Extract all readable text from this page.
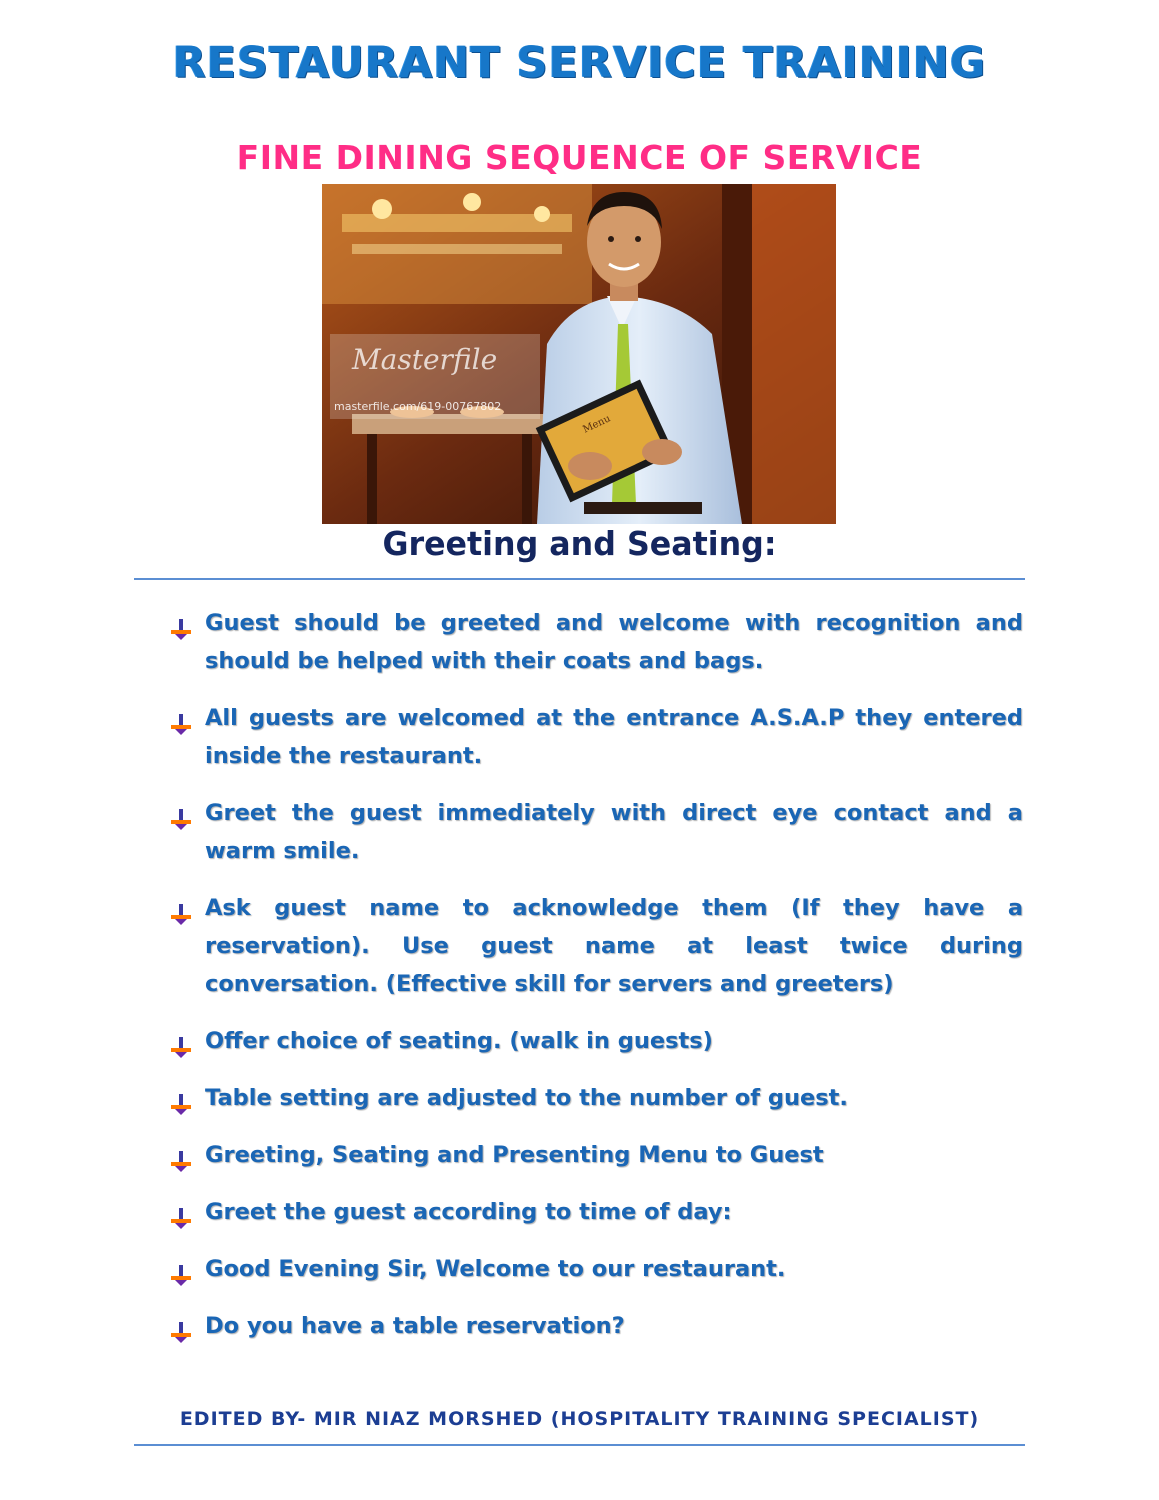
RESTAURANT SERVICE TRAINING
FINE DINING SEQUENCE OF SERVICE
Masterfile
masterfile.com/619-00767802
Menu
Greeting and Seating:
Guest should be greeted and welcome with recognition and should be helped with their coats and bags.
All guests are welcomed at the entrance A.S.A.P they entered inside the restaurant.
Greet the guest immediately with direct eye contact and a warm smile.
Ask guest name to acknowledge them (If they have a reservation). Use guest name at least twice during conversation. (Effective skill for servers and greeters)
Offer choice of seating. (walk in guests)
Table setting are adjusted to the number of guest.
Greeting, Seating and Presenting Menu to Guest
Greet the guest according to time of day:
Good Evening Sir, Welcome to our restaurant.
Do you have a table reservation?
EDITED BY- MIR NIAZ MORSHED (HOSPITALITY TRAINING SPECIALIST)
